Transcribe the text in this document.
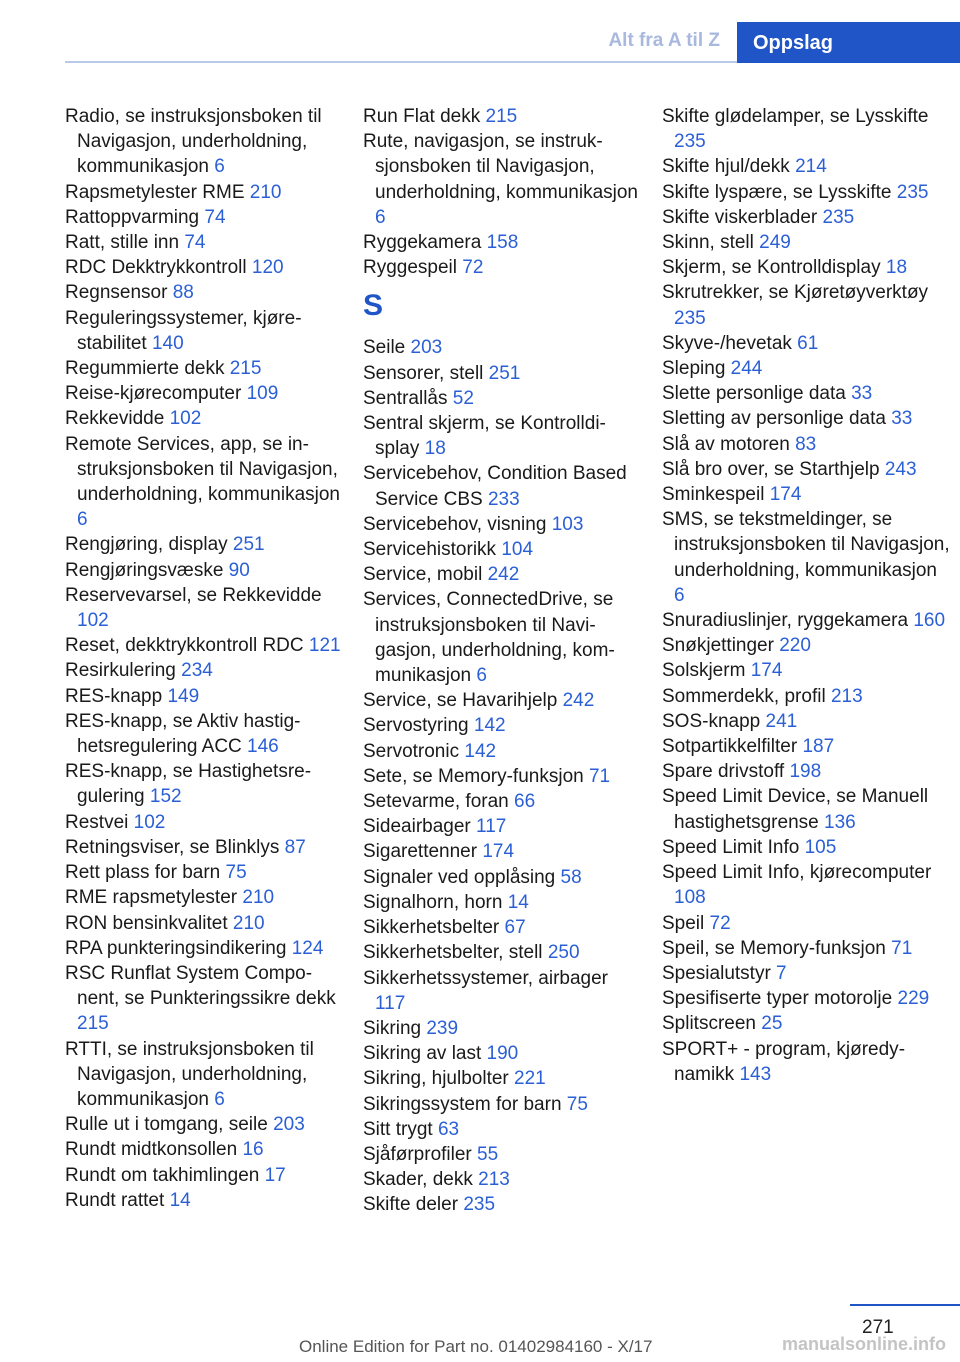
Alt fra A til Z	Oppslag
Radio, se instruksjonsboken til Navigasjon, underholdning, kommunikasjon 6
Rapsmetylester RME 210
Rattoppvarming 74
Ratt, stille inn 74
RDC Dekktrykkontroll 120
Regnsensor 88
Reguleringssystemer, kjørestabilitet 140
Regummierte dekk 215
Reise-kjørecomputer 109
Rekkevidde 102
Remote Services, app, se instruksjonsboken til Navigasjon, underholdning, kommunikasjon 6
Rengjøring, display 251
Rengjøringsvæske 90
Reservevarsel, se Rekkevidde 102
Reset, dekktrykkontroll RDC 121
Resirkulering 234
RES-knapp 149
RES-knapp, se Aktiv hastighetsregulering ACC 146
RES-knapp, se Hastighetsregulering 152
Restvei 102
Retningsviser, se Blinklys 87
Rett plass for barn 75
RME rapsmetylester 210
RON bensinkvalitet 210
RPA punkteringsindikering 124
RSC Runflat System Component, se Punkteringssikre dekk 215
RTTI, se instruksjonsboken til Navigasjon, underholdning, kommunikasjon 6
Rulle ut i tomgang, seile 203
Rundt midtkonsollen 16
Rundt om takhimlingen 17
Rundt rattet 14
Run Flat dekk 215
Rute, navigasjon, se instruksjonsboken til Navigasjon, underholdning, kommunikasjon 6
Ryggekamera 158
Ryggespeil 72
S
Seile 203
Sensorer, stell 251
Sentrallås 52
Sentral skjerm, se Kontrolldisplay 18
Servicebehov, Condition Based Service CBS 233
Servicebehov, visning 103
Servicehistorikk 104
Service, mobil 242
Services, ConnectedDrive, se instruksjonsboken til Navigasjon, underholdning, kommunikasjon 6
Service, se Havarihjelp 242
Servostyring 142
Servotronic 142
Sete, se Memory-funksjon 71
Setevarme, foran 66
Sideairbager 117
Sigarettenner 174
Signaler ved opplåsing 58
Signalhorn, horn 14
Sikkerhetsbelter 67
Sikkerhetsbelter, stell 250
Sikkerhetssystemer, airbager 117
Sikring 239
Sikring av last 190
Sikring, hjulbolter 221
Sikringssystem for barn 75
Sitt trygt 63
Sjåførprofiler 55
Skader, dekk 213
Skifte deler 235
Skifte glødelamper, se Lysskifte 235
Skifte hjul/dekk 214
Skifte lyspære, se Lysskifte 235
Skifte viskerblader 235
Skinn, stell 249
Skjerm, se Kontrolldisplay 18
Skrutrekker, se Kjøretøyverktøy 235
Skyve-/hevetak 61
Sleping 244
Slette personlige data 33
Sletting av personlige data 33
Slå av motoren 83
Slå bro over, se Starthjelp 243
Sminkespeil 174
SMS, se tekstmeldinger, se instruksjonsboken til Navigasjon, underholdning, kommunikasjon 6
Snuradiuslinjer, ryggekamera 160
Snøkjettinger 220
Solskjerm 174
Sommerdekk, profil 213
SOS-knapp 241
Sotpartikkelfilter 187
Spare drivstoff 198
Speed Limit Device, se Manuell hastighetsgrense 136
Speed Limit Info 105
Speed Limit Info, kjørecomputer 108
Speil 72
Speil, se Memory-funksjon 71
Spesialutstyr 7
Spesifiserte typer motorolje 229
Splitscreen 25
SPORT+ - program, kjøredynamikk 143
271
Online Edition for Part no. 01402984160 - X/17	manualsonline.info
